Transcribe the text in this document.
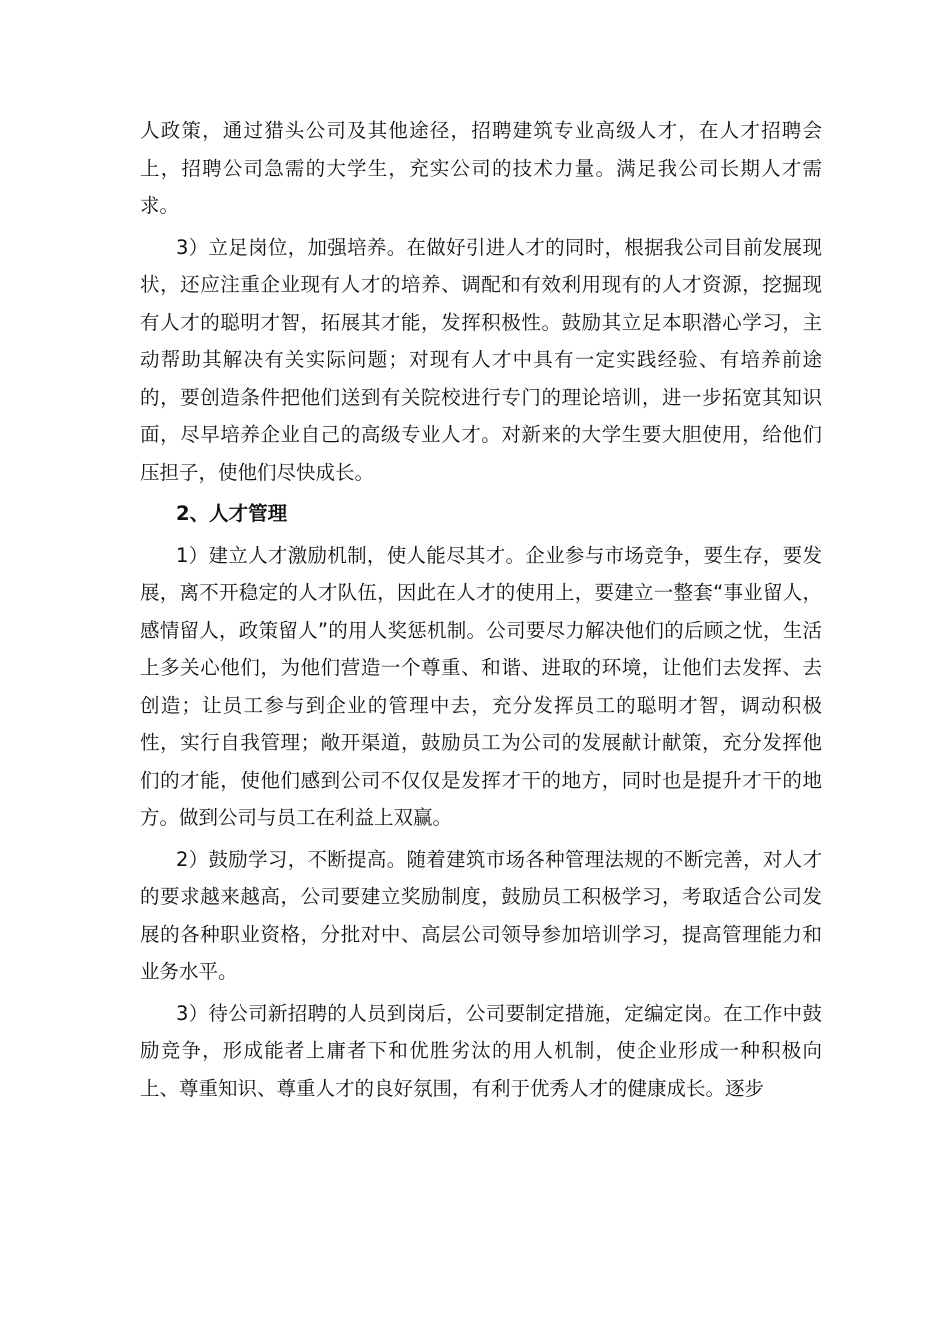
人政策，通过猎头公司及其他途径，招聘建筑专业高级人才，在人才招聘会上，招聘公司急需的大学生，充实公司的技术力量。满足我公司长期人才需求。

3）立足岗位，加强培养。在做好引进人才的同时，根据我公司目前发展现状，还应注重企业现有人才的培养、调配和有效利用现有的人才资源，挖掘现有人才的聪明才智，拓展其才能，发挥积极性。鼓励其立足本职潜心学习，主动帮助其解决有关实际问题；对现有人才中具有一定实践经验、有培养前途的，要创造条件把他们送到有关院校进行专门的理论培训，进一步拓宽其知识面，尽早培养企业自己的高级专业人才。对新来的大学生要大胆使用，给他们压担子，使他们尽快成长。

2、人才管理

1）建立人才激励机制，使人能尽其才。企业参与市场竞争，要生存，要发展，离不开稳定的人才队伍，因此在人才的使用上，要建立一整套“事业留人，感情留人，政策留人”的用人奖惩机制。公司要尽力解决他们的后顾之忧，生活上多关心他们，为他们营造一个尊重、和谐、进取的环境，让他们去发挥、去创造；让员工参与到企业的管理中去，充分发挥员工的聪明才智，调动积极性，实行自我管理；敞开渠道，鼓励员工为公司的发展献计献策，充分发挥他们的才能，使他们感到公司不仅仅是发挥才干的地方，同时也是提升才干的地方。做到公司与员工在利益上双赢。

2）鼓励学习，不断提高。随着建筑市场各种管理法规的不断完善，对人才的要求越来越高，公司要建立奖励制度，鼓励员工积极学习，考取适合公司发展的各种职业资格，分批对中、高层公司领导参加培训学习，提高管理能力和业务水平。

3）待公司新招聘的人员到岗后，公司要制定措施，定编定岗。在工作中鼓励竞争，形成能者上庸者下和优胜劣汰的用人机制，使企业形成一种积极向上、尊重知识、尊重人才的良好氛围，有利于优秀人才的健康成长。逐步
